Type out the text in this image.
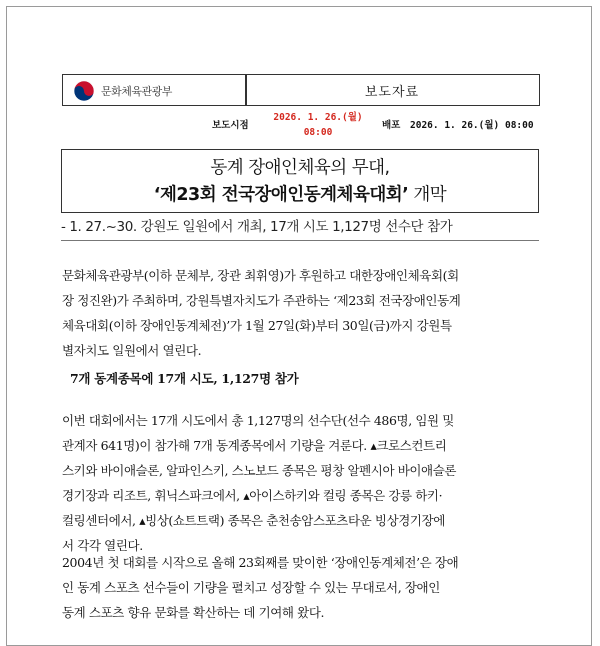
문화체육관광부	보도자료
보도시점
2026. 1. 26.(월)
08:00
배포 2026. 1. 26.(월) 08:00
동계 장애인체육의 무대,
‘제23회 전국장애인동계체육대회’ 개막
- 1. 27.~30. 강원도 일원에서 개최, 17개 시도 1,127명 선수단 참가
문화체육관광부(이하 문체부, 장관 최휘영)가 후원하고 대한장애인체육회(회
장 정진완)가 주최하며, 강원특별자치도가 주관하는 ‘제23회 전국장애인동계
체육대회(이하 장애인동계체전)’가 1월 27일(화)부터 30일(금)까지 강원특
별자치도 일원에서 열린다.
7개 동계종목에 17개 시도, 1,127명 참가
이번 대회에서는 17개 시도에서 총 1,127명의 선수단(선수 486명, 임원 및
관계자 641명)이 참가해 7개 동계종목에서 기량을 겨룬다. ▴크로스컨트리
스키와 바이애슬론, 알파인스키, 스노보드 종목은 평창 알펜시아 바이애슬론
경기장과 리조트, 휘닉스파크에서, ▴아이스하키와 컬링 종목은 강릉 하키·
컬링센터에서, ▴빙상(쇼트트랙) 종목은 춘천송암스포츠타운 빙상경기장에
서 각각 열린다.
2004년 첫 대회를 시작으로 올해 23회째를 맞이한 ‘장애인동계체전’은 장애
인 동계 스포츠 선수들이 기량을 펼치고 성장할 수 있는 무대로서, 장애인
동계 스포츠 향유 문화를 확산하는 데 기여해 왔다.
